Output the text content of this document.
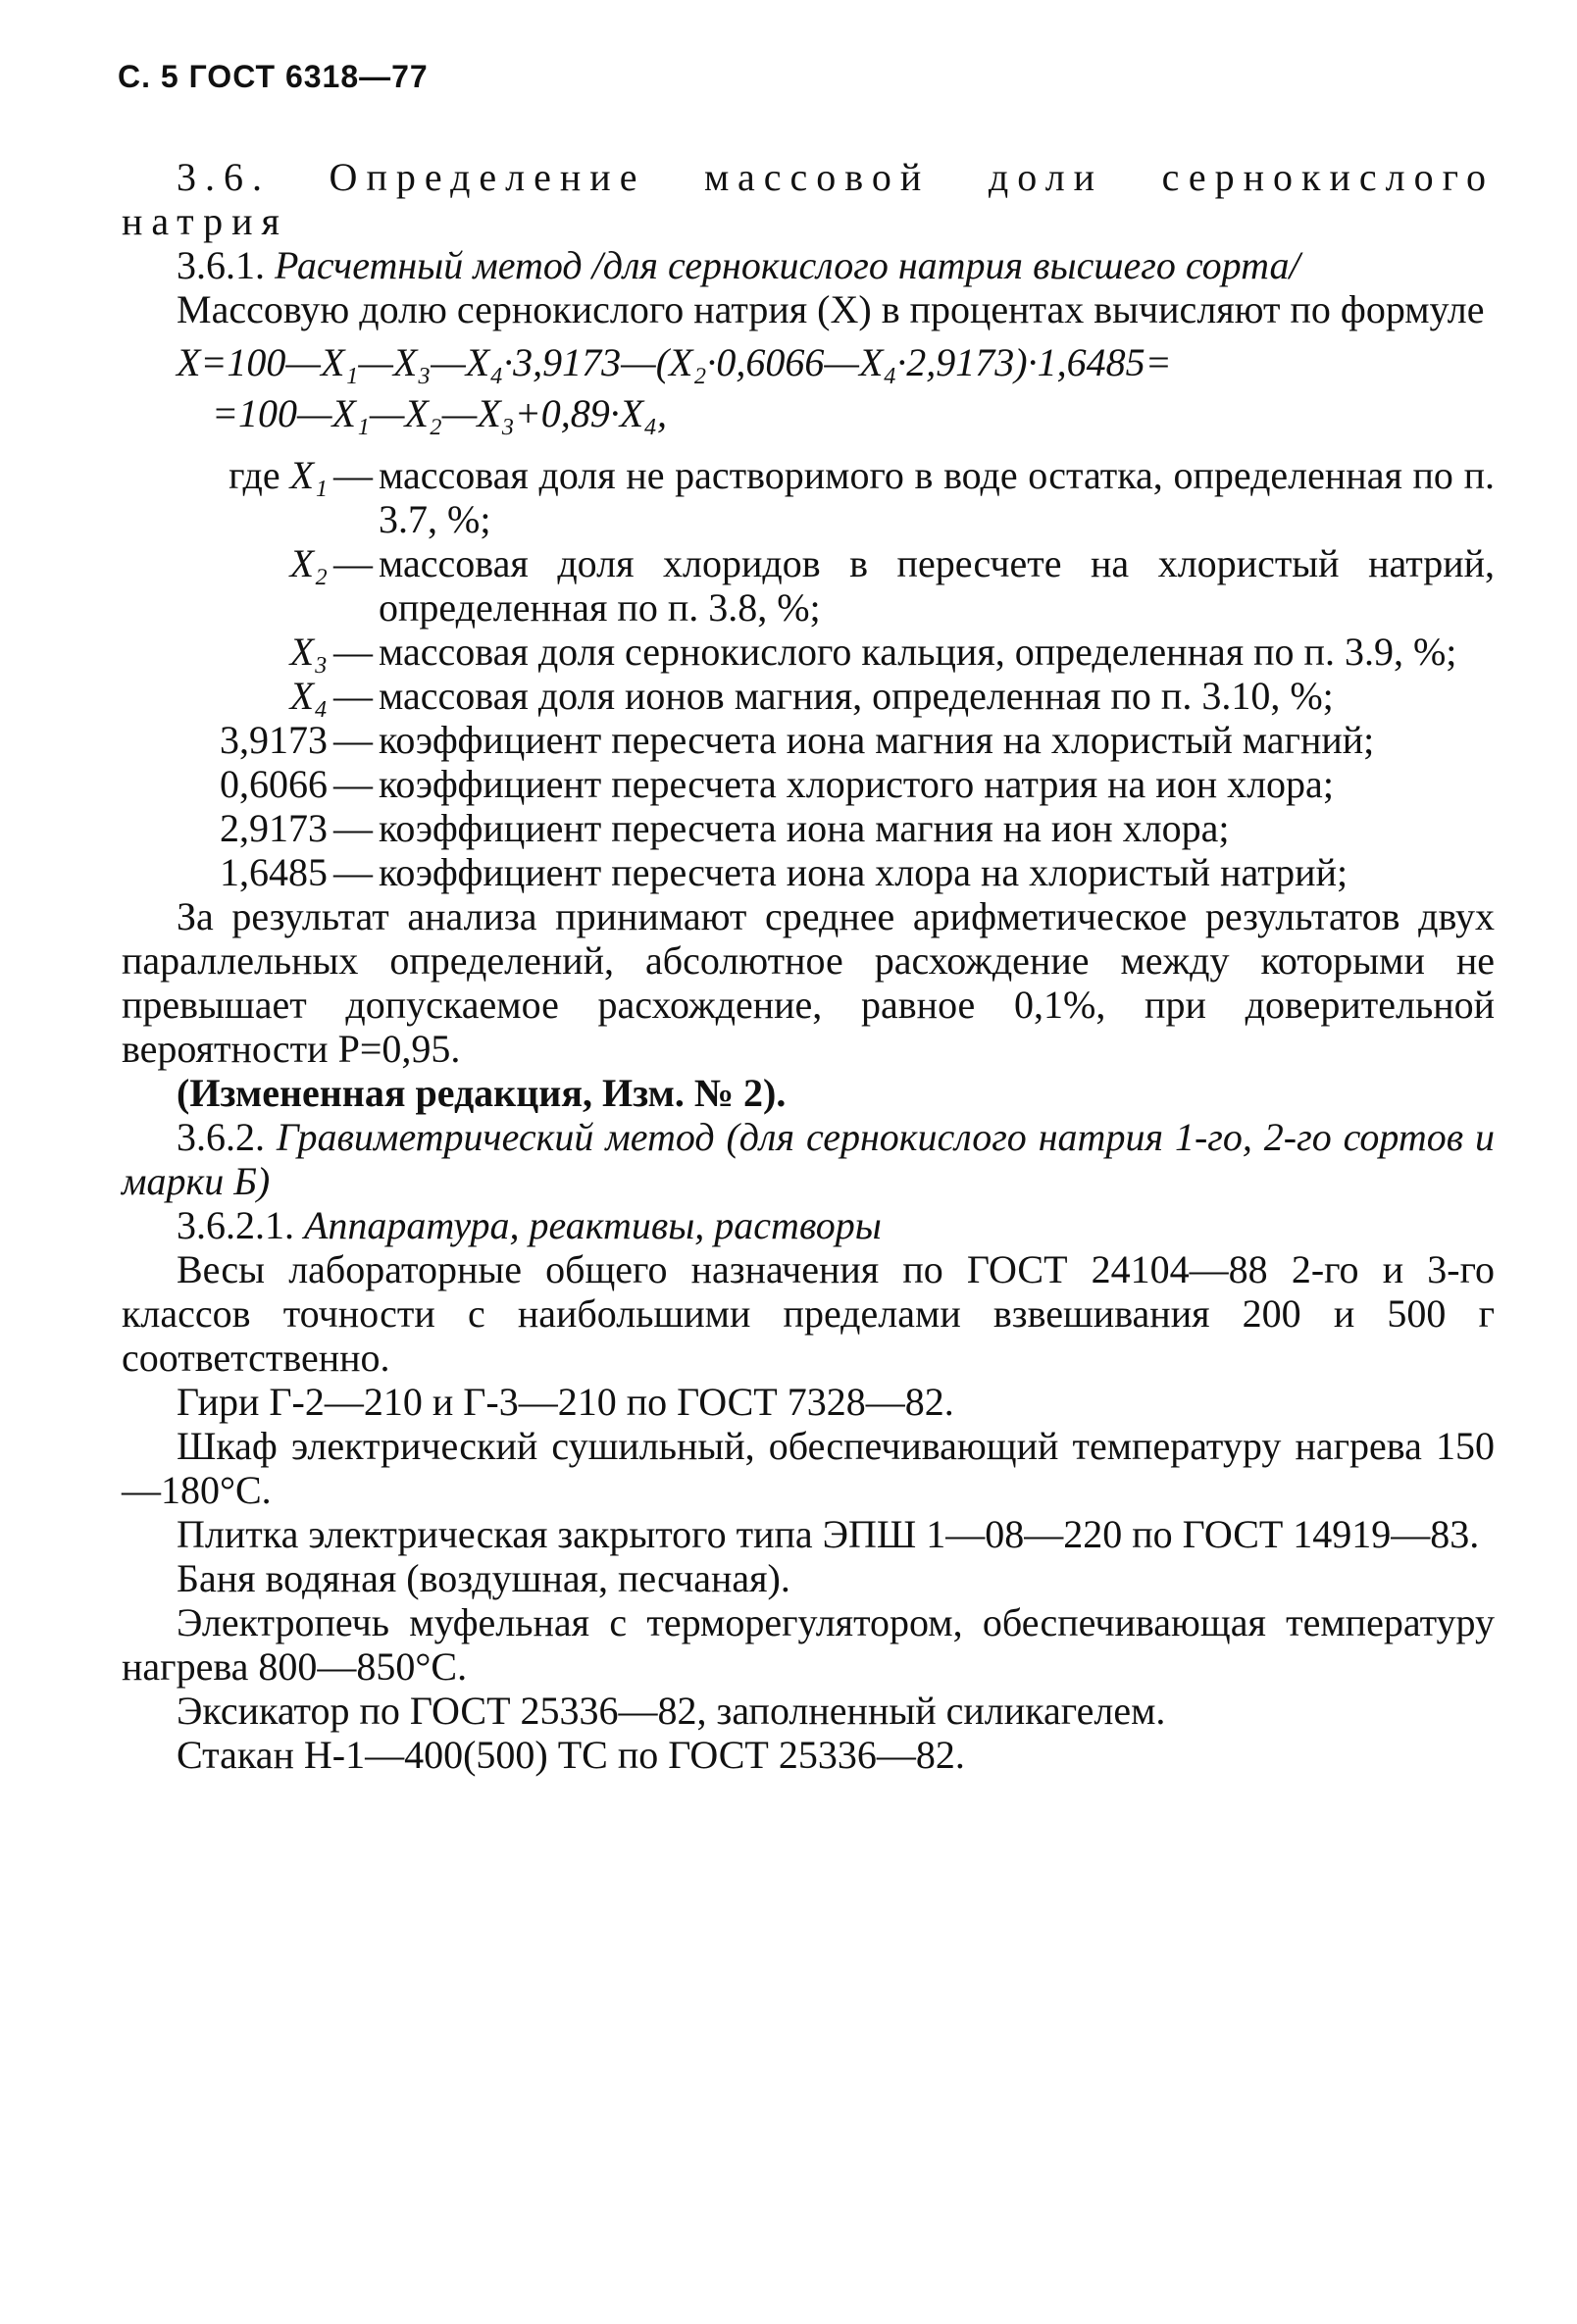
С. 5 ГОСТ 6318—77

3.6. Определение массовой доли сернокислого натрия

3.6.1. Расчетный метод /для сернокислого натрия высшего сорта/

Массовую долю сернокислого натрия (X) в процентах вычисляют по формуле

X=100—X₁—X₃—X₄·3,9173—(X₂·0,6066—X₄·2,9173)·1,6485=
=100—X₁—X₂—X₃+0,89·X₄,
где X₁ — массовая доля не растворимого в воде остатка, определенная по п. 3.7, %;
X₂ — массовая доля хлоридов в пересчете на хлористый натрий, определенная по п. 3.8, %;
X₃ — массовая доля сернокислого кальция, определенная по п. 3.9, %;
X₄ — массовая доля ионов магния, определенная по п. 3.10, %;
3,9173 — коэффициент пересчета иона магния на хлористый магний;
0,6066 — коэффициент пересчета хлористого натрия на ион хлора;
2,9173 — коэффициент пересчета иона магния на ион хлора;
1,6485 — коэффициент пересчета иона хлора на хлористый натрий;

За результат анализа принимают среднее арифметическое результатов двух параллельных определений, абсолютное расхождение между которыми не превышает допускаемое расхождение, равное 0,1%, при доверительной вероятности P=0,95.

(Измененная редакция, Изм. № 2).

3.6.2. Гравиметрический метод (для сернокислого натрия 1-го, 2-го сортов и марки Б)

3.6.2.1. Аппаратура, реактивы, растворы

Весы лабораторные общего назначения по ГОСТ 24104—88 2-го и 3-го классов точности с наибольшими пределами взвешивания 200 и 500 г соответственно.

Гири Г-2—210 и Г-3—210 по ГОСТ 7328—82.

Шкаф электрический сушильный, обеспечивающий температуру нагрева 150—180°С.

Плитка электрическая закрытого типа ЭПШ 1—08—220 по ГОСТ 14919—83.

Баня водяная (воздушная, песчаная).

Электропечь муфельная с терморегулятором, обеспечивающая температуру нагрева 800—850°С.

Эксикатор по ГОСТ 25336—82, заполненный силикагелем.

Стакан Н-1—400(500) ТС по ГОСТ 25336—82.
